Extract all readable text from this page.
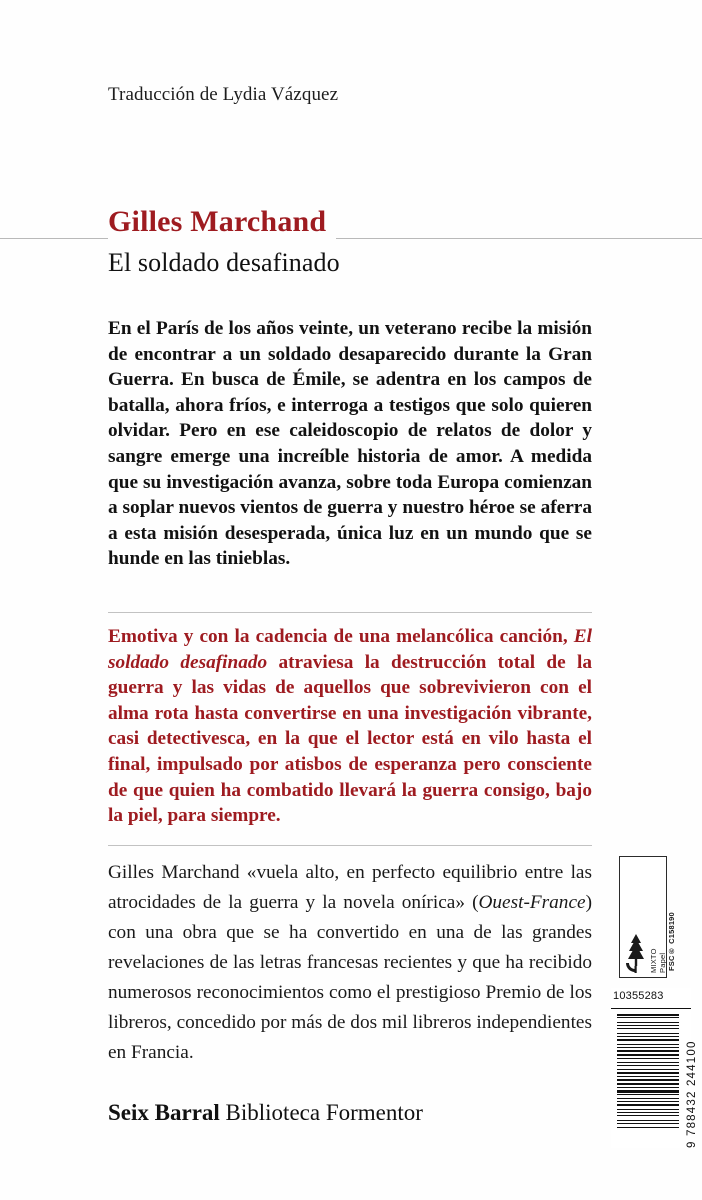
Traducción de Lydia Vázquez
Gilles Marchand
El soldado desafinado
En el París de los años veinte, un veterano recibe la misión de encontrar a un soldado desaparecido durante la Gran Guerra. En busca de Émile, se adentra en los campos de batalla, ahora fríos, e interroga a testigos que solo quieren olvidar. Pero en ese caleidoscopio de relatos de dolor y sangre emerge una increíble historia de amor. A medida que su investigación avanza, sobre toda Europa comienzan a soplar nuevos vientos de guerra y nuestro héroe se aferra a esta misión desesperada, única luz en un mundo que se hunde en las tinieblas.
Emotiva y con la cadencia de una melancólica canción, El soldado desafinado atraviesa la destrucción total de la guerra y las vidas de aquellos que sobrevivieron con el alma rota hasta convertirse en una investigación vibrante, casi detectivesca, en la que el lector está en vilo hasta el final, impulsado por atisbos de esperanza pero consciente de que quien ha combatido llevará la guerra consigo, bajo la piel, para siempre.
Gilles Marchand «vuela alto, en perfecto equilibrio entre las atrocidades de la guerra y la novela onírica» (Ouest-France) con una obra que se ha convertido en una de las grandes revelaciones de las letras francesas recientes y que ha recibido numerosos reconocimientos como el prestigioso Premio de los libreros, concedido por más de dos mil libreros independientes en Francia.
Seix Barral Biblioteca Formentor
MIXTO Papel FSC® C158190
10355283
9 788432 244100
